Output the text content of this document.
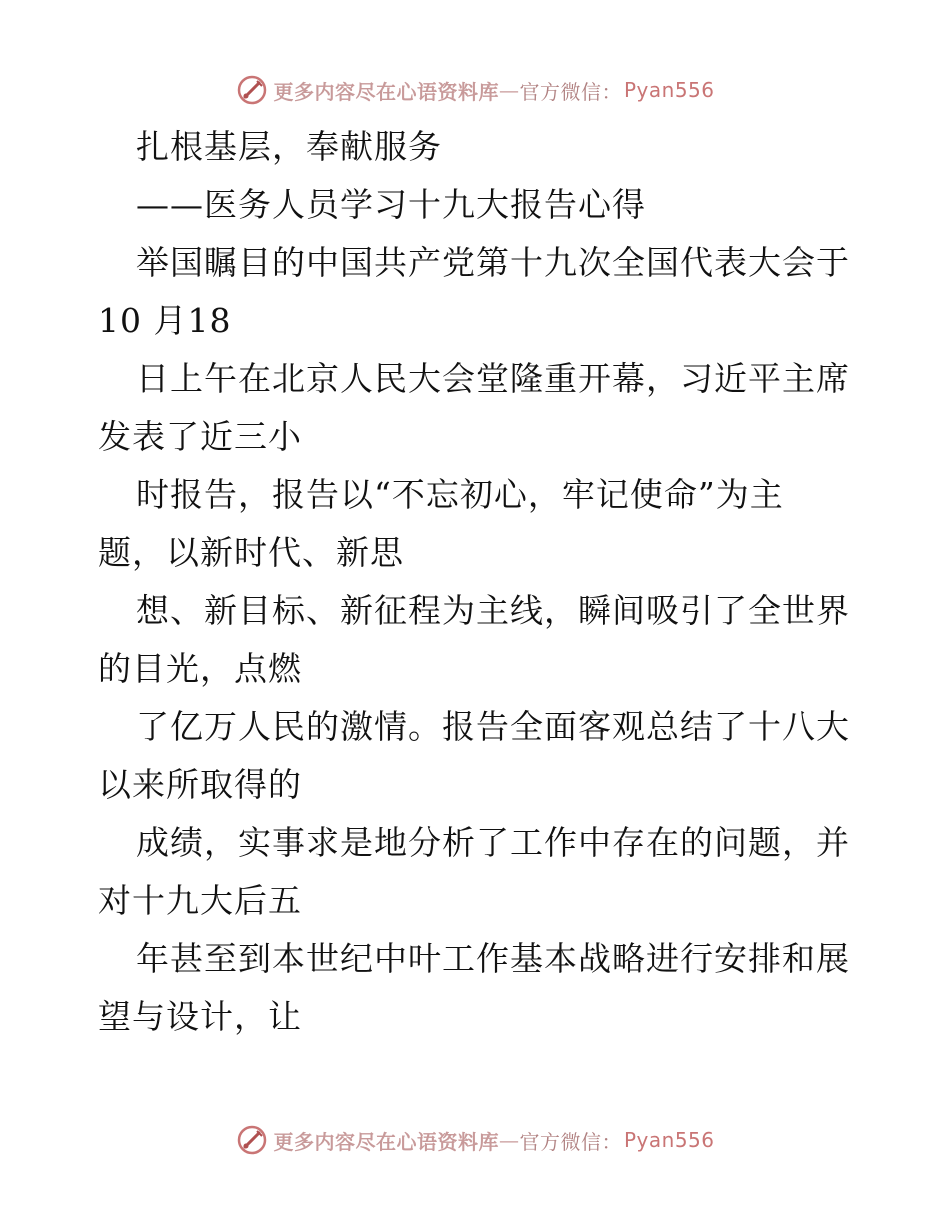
更多内容尽在心语资料库 — 官方微信： Pyan556
扎根基层，奉献服务
——医务人员学习十九大报告心得
举国瞩目的中国共产党第十九次全国代表大会于
10 月18
日上午在北京人民大会堂隆重开幕，习近平主席
发表了近三小
时报告，报告以“不忘初心，牢记使命”为主
题，以新时代、新思
想、新目标、新征程为主线，瞬间吸引了全世界
的目光，点燃
了亿万人民的激情。报告全面客观总结了十八大
以来所取得的
成绩，实事求是地分析了工作中存在的问题，并
对十九大后五
年甚至到本世纪中叶工作基本战略进行安排和展
望与设计，让
更多内容尽在心语资料库 — 官方微信： Pyan556
